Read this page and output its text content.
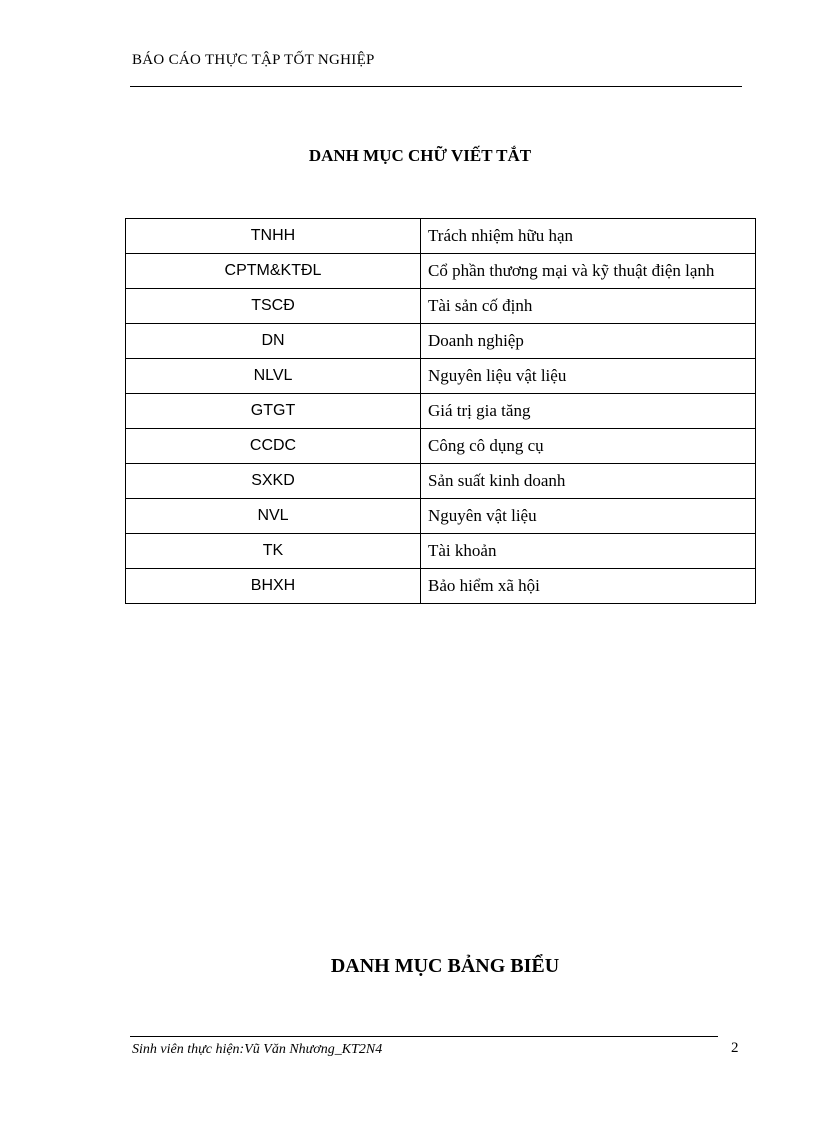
BÁO CÁO THỰC TẬP TỐT NGHIỆP
DANH MỤC CHỮ VIẾT TẮT
TNHH	Trách nhiệm hữu hạn
CPTM&KTĐL	Cổ phần thương mại và kỹ thuật điện lạnh
TSCĐ	Tài sản cố định
DN	Doanh nghiệp
NLVL	Nguyên liệu vật liệu
GTGT	Giá trị gia tăng
CCDC	Công cô dụng cụ
SXKD	Sản suất kinh doanh
NVL	Nguyên vật liệu
TK	Tài khoản
BHXH	Bảo hiểm xã hội
DANH MỤC BẢNG BIỂU
Sinh viên thực hiện:Vũ Văn Nhương_KT2N4	2
